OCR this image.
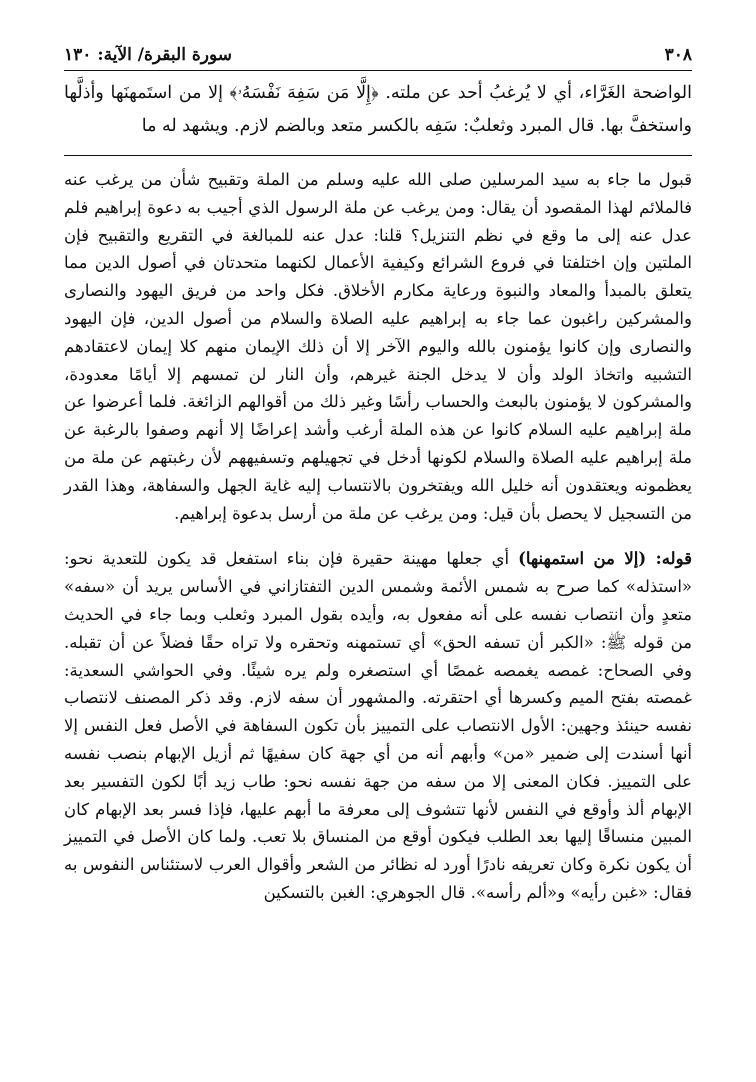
٣٠٨
سورة البقرة/ الآية: ١٣٠

الواضحة الغَرَّاء، أي لا يُرغبُ أحد عن ملته. ﴿إِلَّا مَن سَفِهَ نَفْسَهُۥ﴾ إلا من استَمهنَها وأذلَّها واستخفَّ بها. قال المبرد وثعلبٌ: سَفِه بالكسر متعد وبالضم لازم. ويشهد له ما

قبول ما جاء به سيد المرسلين صلى الله عليه وسلم من الملة وتقبيح شأن من يرغب عنه فالملائم لهذا المقصود أن يقال: ومن يرغب عن ملة الرسول الذي أجيب به دعوة إبراهيم فلم عدل عنه إلى ما وقع في نظم التنزيل؟ قلنا: عدل عنه للمبالغة في التقريع والتقبيح فإن الملتين وإن اختلفتا في فروع الشرائع وكيفية الأعمال لكنهما متحدتان في أصول الدين مما يتعلق بالمبدأ والمعاد والنبوة ورعاية مكارم الأخلاق. فكل واحد من فريق اليهود والنصارى والمشركين راغبون عما جاء به إبراهيم عليه الصلاة والسلام من أصول الدين، فإن اليهود والنصارى وإن كانوا يؤمنون بالله واليوم الآخر إلا أن ذلك الإيمان منهم كلا إيمان لاعتقادهم التشبيه واتخاذ الولد وأن لا يدخل الجنة غيرهم، وأن النار لن تمسهم إلا أيامًا معدودة، والمشركون لا يؤمنون بالبعث والحساب رأسًا وغير ذلك من أقوالهم الزائغة. فلما أعرضوا عن ملة إبراهيم عليه السلام كانوا عن هذه الملة أرغب وأشد إعراضًا إلا أنهم وصفوا بالرغبة عن ملة إبراهيم عليه الصلاة والسلام لكونها أدخل في تجهيلهم وتسفيههم لأن رغبتهم عن ملة من يعظمونه ويعتقدون أنه خليل الله ويفتخرون بالانتساب إليه غاية الجهل والسفاهة، وهذا القدر من التسجيل لا يحصل بأن قيل: ومن يرغب عن ملة من أرسل بدعوة إبراهيم.

قوله: (إلا من استمهنها) أي جعلها مهينة حقيرة فإن بناء استفعل قد يكون للتعدية نحو: «استذله» كما صرح به شمس الأئمة وشمس الدين التفتازاني في الأساس يريد أن «سفه» متعدٍ وأن انتصاب نفسه على أنه مفعول به، وأيده بقول المبرد وثعلب وبما جاء في الحديث من قوله ﷺ: «الكبر أن تسفه الحق» أي تستمهنه وتحقره ولا تراه حقًا فضلاً عن أن تقبله. وفي الصحاح: غمصه يغمصه غمصًا أي استصغره ولم يره شيئًا. وفي الحواشي السعدية: غمصته بفتح الميم وكسرها أي احتقرته. والمشهور أن سفه لازم. وقد ذكر المصنف لانتصاب نفسه حينئذ وجهين: الأول الانتصاب على التمييز بأن تكون السفاهة في الأصل فعل النفس إلا أنها أسندت إلى ضمير «من» وأبهم أنه من أي جهة كان سفيهًا ثم أزيل الإبهام بنصب نفسه على التمييز. فكان المعنى إلا من سفه من جهة نفسه نحو: طاب زيد أبًا لكون التفسير بعد الإبهام ألذ وأوقع في النفس لأنها تتشوف إلى معرفة ما أبهم عليها، فإذا فسر بعد الإبهام كان المبين منساقًا إليها بعد الطلب فيكون أوقع من المنساق بلا تعب. ولما كان الأصل في التمييز أن يكون نكرة وكان تعريفه نادرًا أورد له نظائر من الشعر وأقوال العرب لاستئناس النفوس به فقال: «غبن رأيه» و«ألم رأسه». قال الجوهري: الغبن بالتسكين
